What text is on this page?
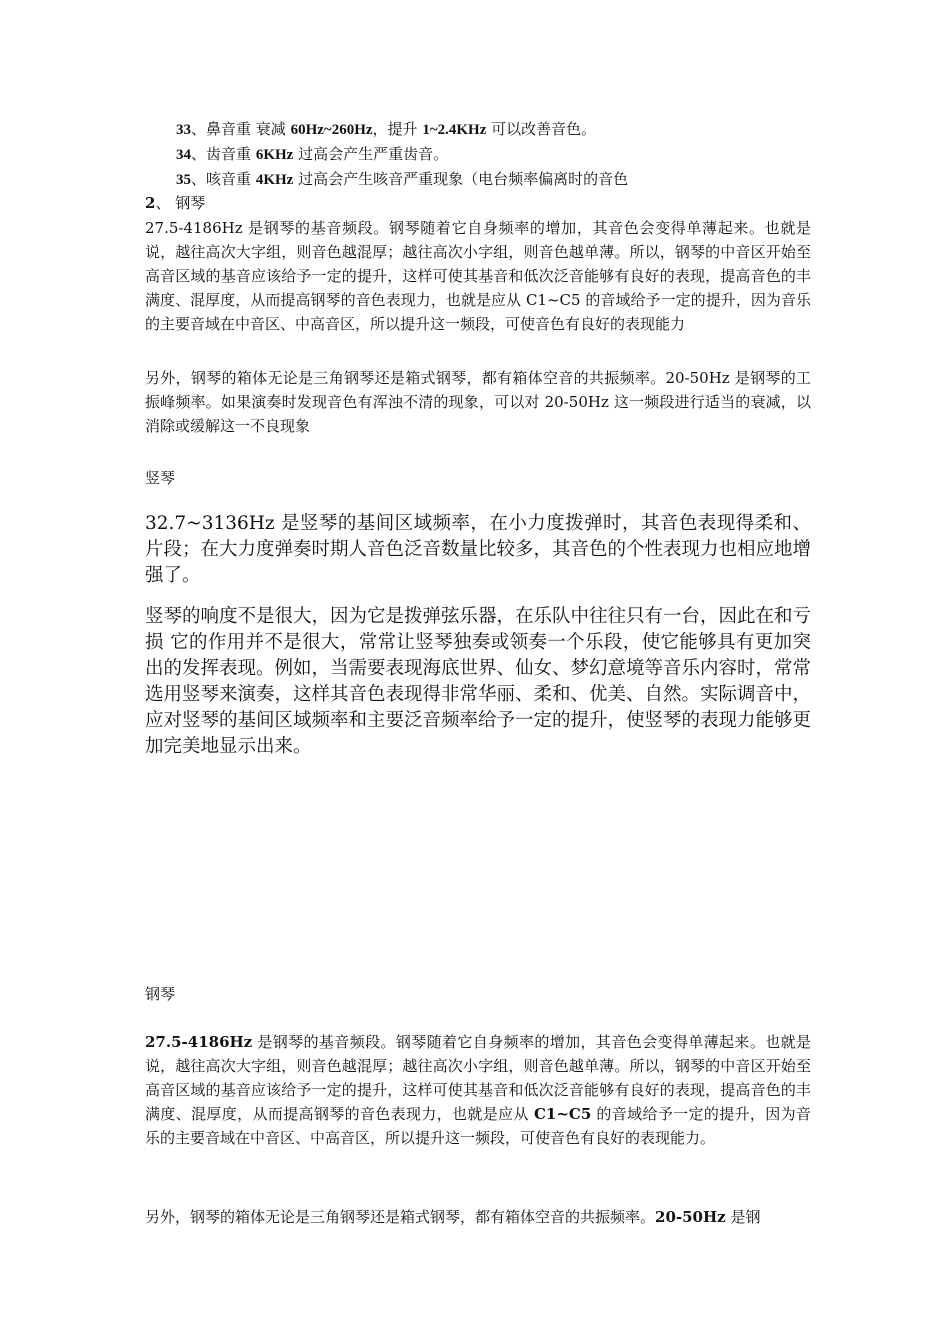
33、鼻音重 衰减 60Hz~260Hz，提升 1~2.4KHz 可以改善音色。
34、齿音重 6KHz 过高会产生严重齿音。
35、咳音重 4KHz 过高会产生咳音严重现象（电台频率偏离时的音色
2、 钢琴
27.5-4186Hz 是钢琴的基音频段。钢琴随着它自身频率的增加，其音色会变得单薄起来。也就是说，越往高次大字组，则音色越混厚；越往高次小字组，则音色越单薄。所以，钢琴的中音区开始至高音区域的基音应该给予一定的提升，这样可使其基音和低次泛音能够有良好的表现，提高音色的丰满度、混厚度，从而提高钢琴的音色表现力，也就是应从 C1~C5 的音域给予一定的提升，因为音乐的主要音域在中音区、中高音区，所以提升这一频段，可使音色有良好的表现能力
另外，钢琴的箱体无论是三角钢琴还是箱式钢琴，都有箱体空音的共振频率。20-50Hz 是钢琴的工振峰频率。如果演奏时发现音色有浑浊不清的现象，可以对 20-50Hz 这一频段进行适当的衰减，以消除或缓解这一不良现象
竖琴
32.7~3136Hz 是竖琴的基间区域频率，在小力度拨弹时，其音色表现得柔和、片段；在大力度弹奏时期人音色泛音数量比较多，其音色的个性表现力也相应地增强了。
竖琴的响度不是很大，因为它是拨弹弦乐器，在乐队中往往只有一台，因此在和亏损 它的作用并不是很大，常常让竖琴独奏或领奏一个乐段，使它能够具有更加突出的发挥表现。例如，当需要表现海底世界、仙女、梦幻意境等音乐内容时，常常选用竖琴来演奏，这样其音色表现得非常华丽、柔和、优美、自然。实际调音中，应对竖琴的基间区域频率和主要泛音频率给予一定的提升，使竖琴的表现力能够更加完美地显示出来。
钢琴
27.5-4186Hz 是钢琴的基音频段。钢琴随着它自身频率的增加，其音色会变得单薄起来。也就是说，越往高次大字组，则音色越混厚；越往高次小字组，则音色越单薄。所以，钢琴的中音区开始至高音区域的基音应该给予一定的提升，这样可使其基音和低次泛音能够有良好的表现，提高音色的丰满度、混厚度，从而提高钢琴的音色表现力，也就是应从 C1~C5 的音域给予一定的提升，因为音乐的主要音域在中音区、中高音区，所以提升这一频段，可使音色有良好的表现能力。
另外，钢琴的箱体无论是三角钢琴还是箱式钢琴，都有箱体空音的共振频率。20-50Hz 是钢
